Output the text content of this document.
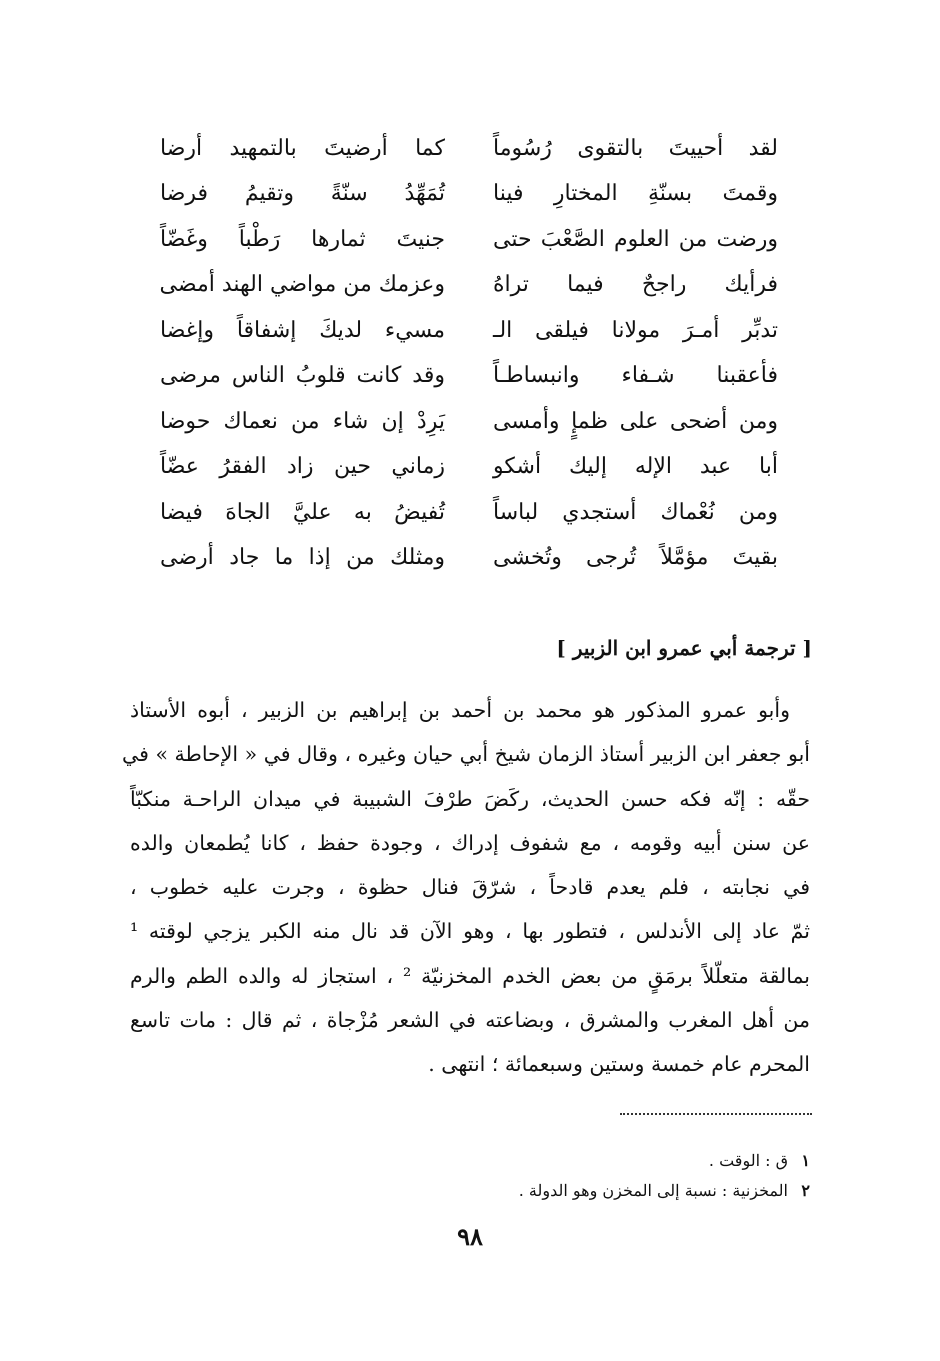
لقد أحييتَ بالتقوى رُسُوماً
كما أرضيتَ بالتمهيد أرضا
وقمتَ بسنّةِ المختارِ فينا
تُمَهِّدُ سنّةً وتقيمُ فرضا
ورضت من العلوم الصَّعْبَ حتى
جنيتَ ثمارها رَطْباً وغَضّاً
فرأيك راجحٌ فيما تراهُ
وعزمك من مواضي الهند أمضى
تدبِّر أمـرَ مولانا فيلقى الـ
مسيء لديكَ إشفاقاً وإغضا
فأعقبنا شـفاء وانبساطـاً
وقد كانت قلوبُ الناس مرضى
ومن أضحى على ظمإٍ وأمسى
يَرِدْ إن شاء من نعماك حوضا
أبا عبد الإله إليك أشكو
زماني حين زاد الفقرُ عضّاً
ومن نُعْماك أستجدي لباساً
تُفيضُ به عليَّ الجاهَ فيضا
بقيتَ مؤمَّلاً تُرجى وتُخشى
ومثلك من إذا ما جاد أرضى
[ ترجمة أبي عمرو ابن الزبير ]
وأبو عمرو المذكور هو محمد بن أحمد بن إبراهيم بن الزبير ، أبوه الأستاذ
أبو جعفر ابن الزبير أستاذ الزمان شيخ أبي حيان وغيره ، وقال في « الإحاطة » في
حقّه : إنّه فكه حسن الحديث، ركَضَ طرْفَ الشبيبة في ميدان الراحـة منكبّاً
عن سنن أبيه وقومه ، مع شفوف إدراك ، وجودة حفظ ، كانا يُطمعان والده
في نجابته ، فلم يعدم قادحاً ، شرّقَ فنال حظوة ، وجرت عليه خطوب ،
ثمّ عاد إلى الأندلس ، فتطور بها ، وهو الآن قد نال منه الكبر يزجي لوقته ¹
بمالقة متعلّلاً برمَقٍ من بعض الخدم المخزنيّة ² ، استجاز له والده الطم والرم
من أهل المغرب والمشرق ، وبضاعته في الشعر مُزْجاة ، ثم قال : مات تاسع
المحرم عام خمسة وستين وسبعمائة ؛ انتهى .
١ق : الوقت .
٢المخزنية : نسبة إلى المخزن وهو الدولة .
٩٨
